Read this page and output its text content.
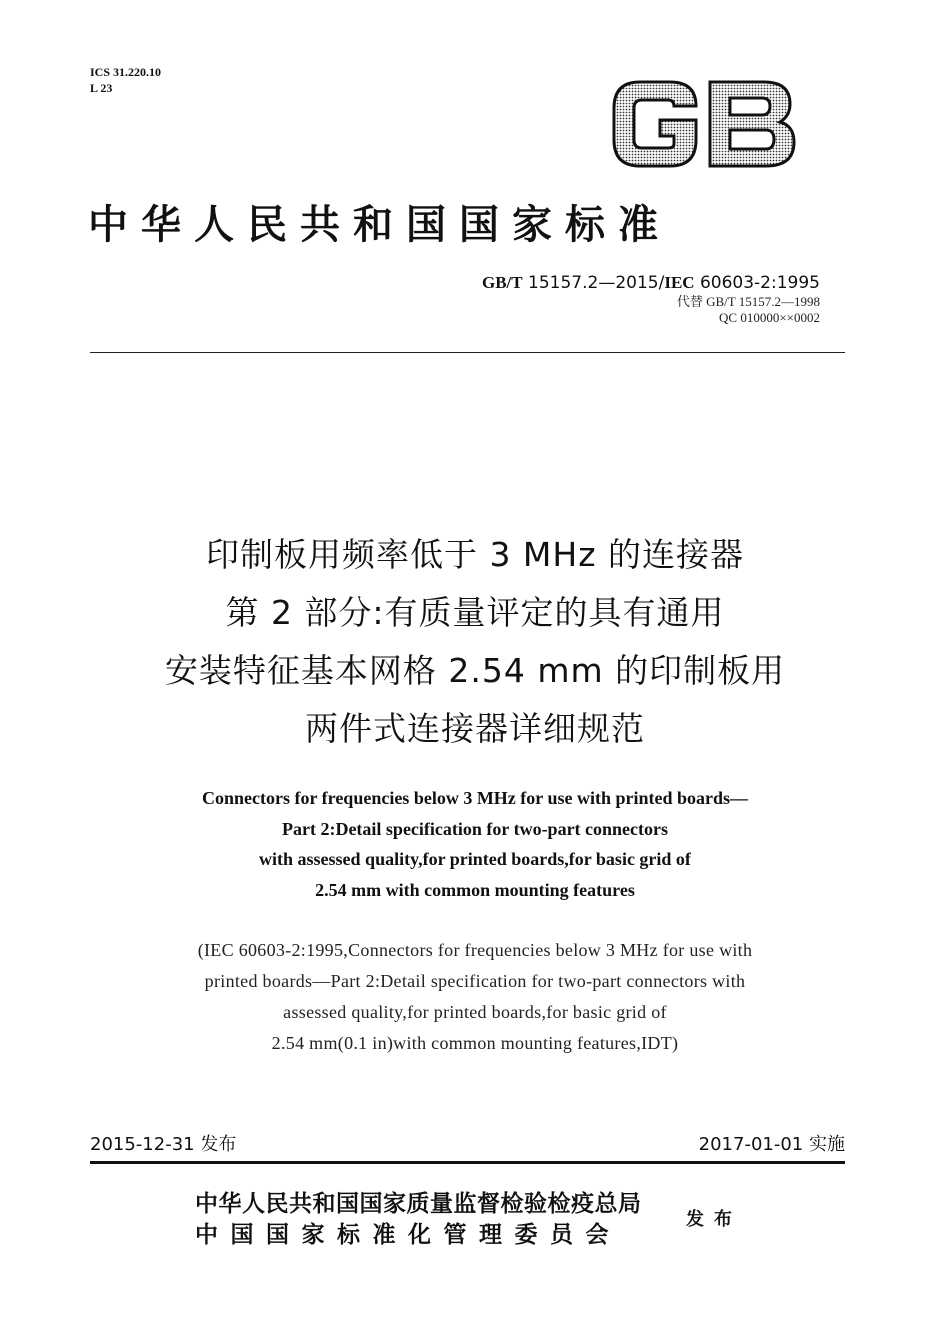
ICS 31.220.10
L 23
中华人民共和国国家标准
GB/T 15157.2—2015/IEC 60603-2:1995
代替 GB/T 15157.2—1998
QC 010000××0002
印制板用频率低于 3 MHz 的连接器
第 2 部分:有质量评定的具有通用
安装特征基本网格 2.54 mm 的印制板用
两件式连接器详细规范
Connectors for frequencies below 3 MHz for use with printed boards—
Part 2:Detail specification for two-part connectors
with assessed quality,for printed boards,for basic grid of
2.54 mm with common mounting features
(IEC 60603-2:1995,Connectors for frequencies below 3 MHz for use with
printed boards—Part 2:Detail specification for two-part connectors with
assessed quality,for printed boards,for basic grid of
2.54 mm(0.1 in)with common mounting features,IDT)
2015-12-31 发布	2017-01-01 实施
中华人民共和国国家质量监督检验检疫总局
中国国家标准化管理委员会
发布
